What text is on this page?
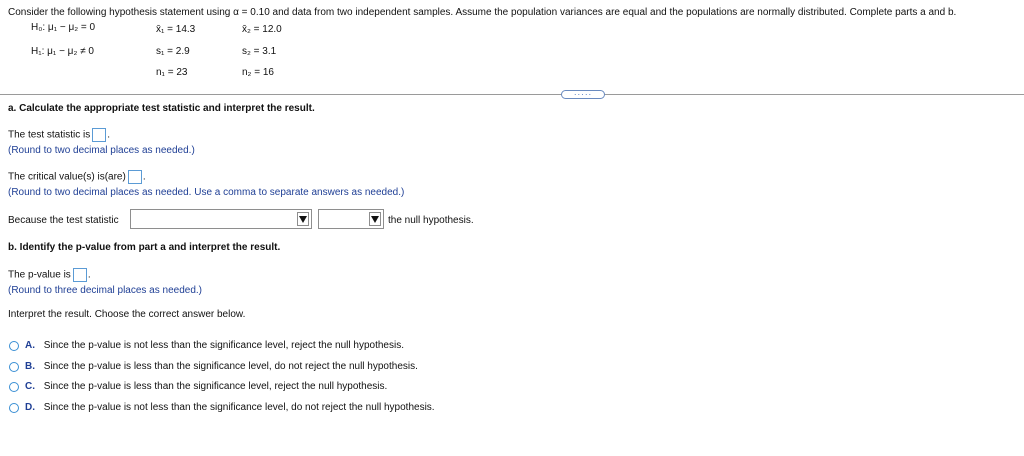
Consider the following hypothesis statement using α = 0.10 and data from two independent samples. Assume the population variances are equal and the populations are normally distributed. Complete parts a and b.
H₀: μ₁ − μ₂ = 0
H₁: μ₁ − μ₂ ≠ 0
x̄₁ = 14.3
s₁ = 2.9
n₁ = 23
x̄₂ = 12.0
s₂ = 3.1
n₂ = 16
·····
a. Calculate the appropriate test statistic and interpret the result.
The test statistic is .
(Round to two decimal places as needed.)
The critical value(s) is(are) .
(Round to two decimal places as needed. Use a comma to separate answers as needed.)
Because the test statistic	the null hypothesis.
b. Identify the p-value from part a and interpret the result.
The p-value is .
(Round to three decimal places as needed.)
Interpret the result. Choose the correct answer below.
A. Since the p-value is not less than the significance level, reject the null hypothesis.
B. Since the p-value is less than the significance level, do not reject the null hypothesis.
C. Since the p-value is less than the significance level, reject the null hypothesis.
D. Since the p-value is not less than the significance level, do not reject the null hypothesis.
